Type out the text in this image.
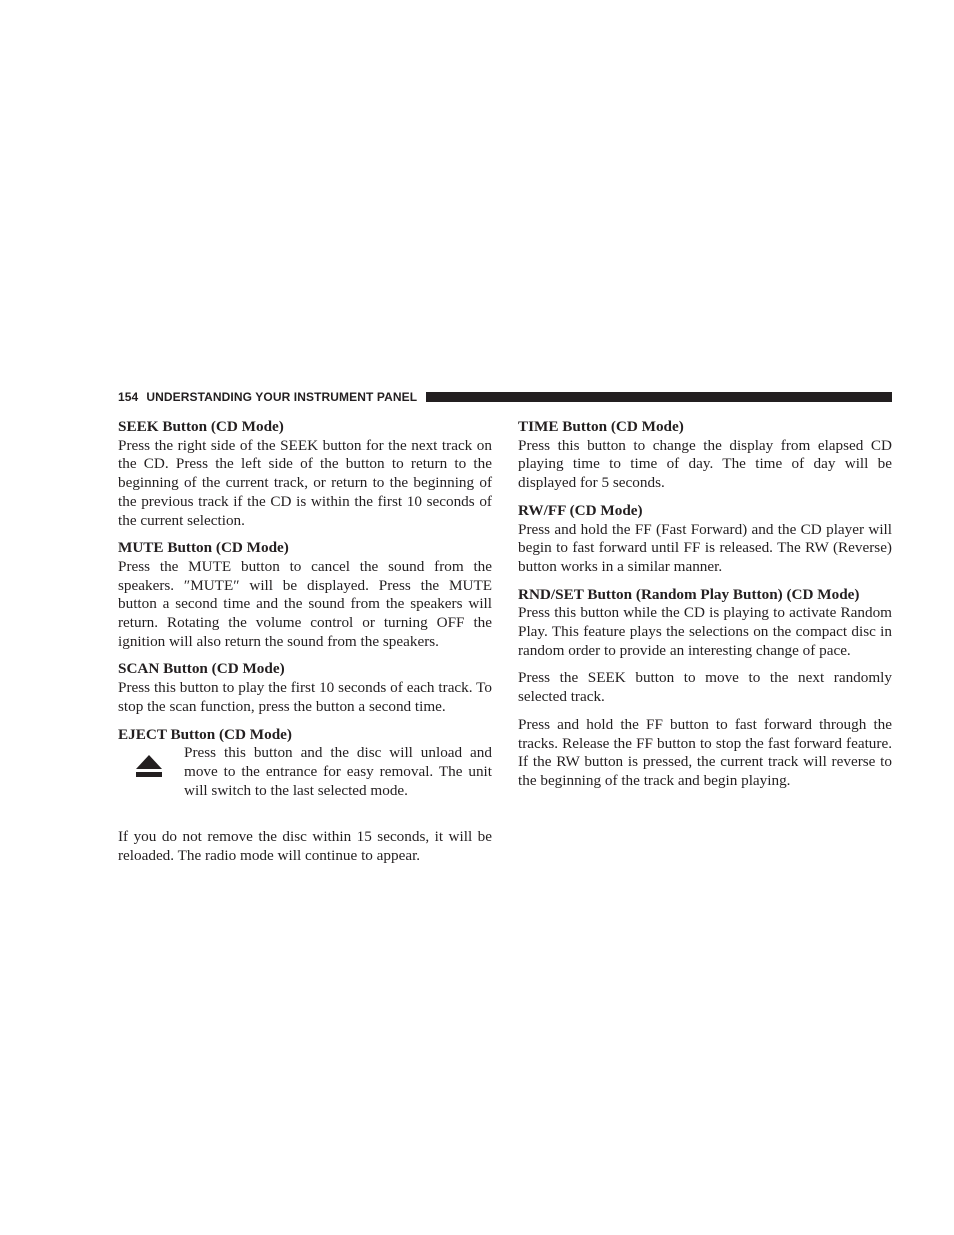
154 UNDERSTANDING YOUR INSTRUMENT PANEL

SEEK Button (CD Mode)

Press the right side of the SEEK button for the next track on the CD. Press the left side of the button to return to the beginning of the current track, or return to the beginning of the previous track if the CD is within the first 10 seconds of the current selection.

MUTE Button (CD Mode)

Press the MUTE button to cancel the sound from the speakers. ″MUTE″ will be displayed. Press the MUTE button a second time and the sound from the speakers will return. Rotating the volume control or turning OFF the ignition will also return the sound from the speakers.

SCAN Button (CD Mode)

Press this button to play the first 10 seconds of each track. To stop the scan function, press the button a second time.

EJECT Button (CD Mode)

Press this button and the disc will unload and move to the entrance for easy removal. The unit will switch to the last selected mode.

If you do not remove the disc within 15 seconds, it will be reloaded. The radio mode will continue to appear.

TIME Button (CD Mode)

Press this button to change the display from elapsed CD playing time to time of day. The time of day will be displayed for 5 seconds.

RW/FF (CD Mode)

Press and hold the FF (Fast Forward) and the CD player will begin to fast forward until FF is released. The RW (Reverse) button works in a similar manner.

RND/SET Button (Random Play Button) (CD Mode)

Press this button while the CD is playing to activate Random Play. This feature plays the selections on the compact disc in random order to provide an interesting change of pace.

Press the SEEK button to move to the next randomly selected track.

Press and hold the FF button to fast forward through the tracks. Release the FF button to stop the fast forward feature. If the RW button is pressed, the current track will reverse to the beginning of the track and begin playing.
